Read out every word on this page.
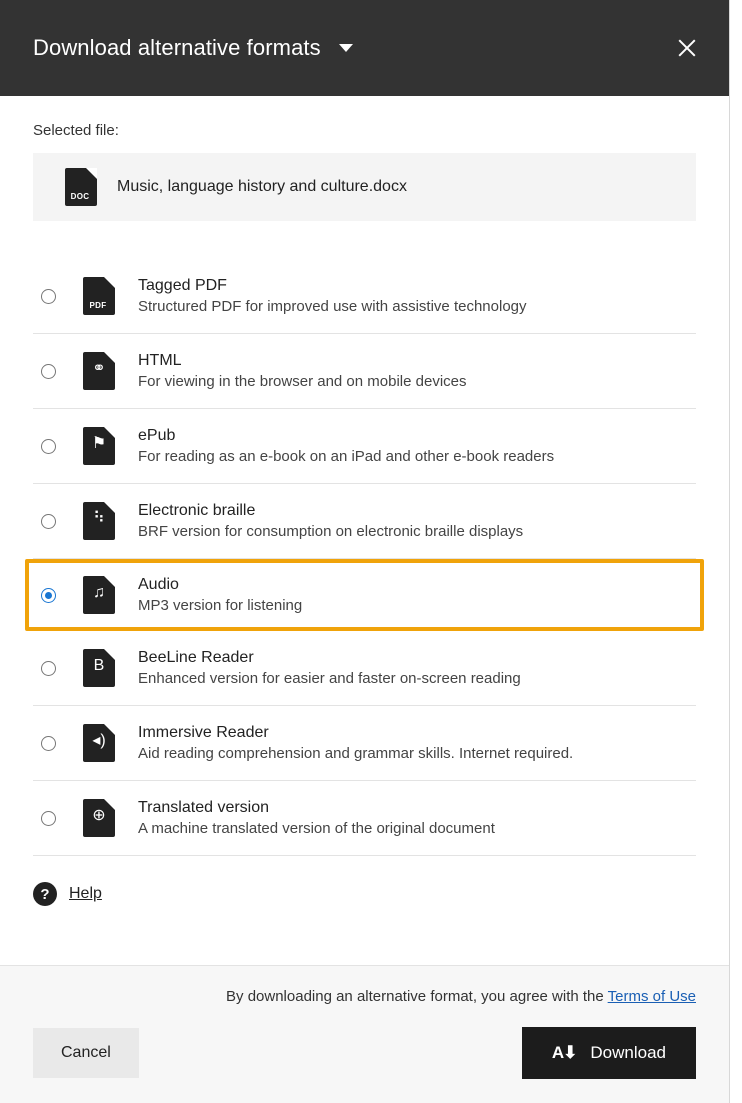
Download alternative formats
Selected file:
DOC
Music, language history and culture.docx
PDF
Tagged PDF
Structured PDF for improved use with assistive technology
⚭	HTML
For viewing in the browser and on mobile devices
⚑	ePub
For reading as an e-book on an iPad and other e-book readers
⠳	Electronic braille
BRF version for consumption on electronic braille displays
♫	Audio
MP3 version for listening
B	BeeLine Reader
Enhanced version for easier and faster on-screen reading
◂)	Immersive Reader
Aid reading comprehension and grammar skills. Internet required.
⊕	Translated version
A machine translated version of the original document
?	Help
By downloading an alternative format, you agree with the Terms of Use
Cancel	A⬇ Download
